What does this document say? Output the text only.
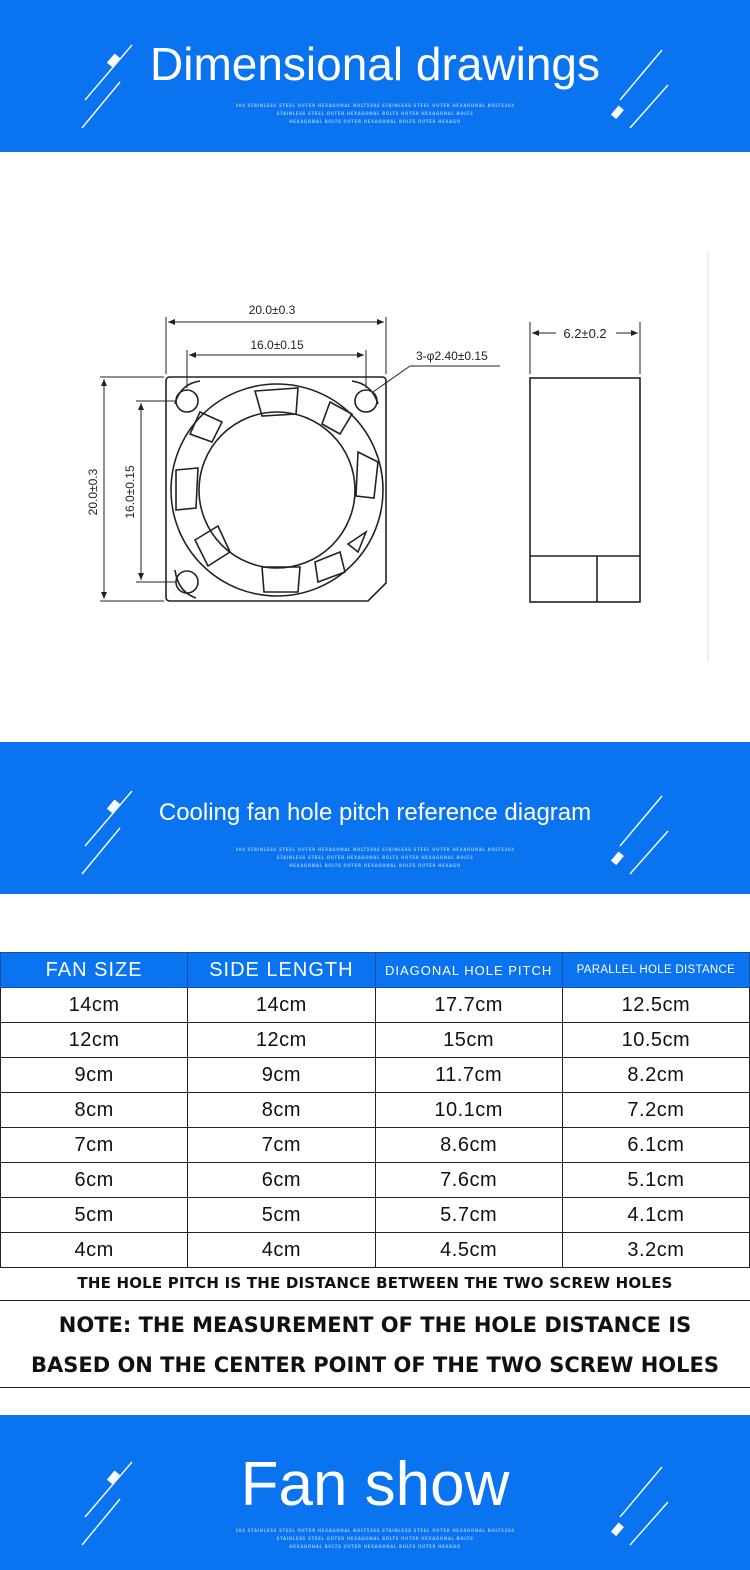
Dimensional drawings
304 STAINLESS STEEL OUTER HEXAGONAL BOLT5304 STAINLESS STEEL OUTER HEXAGONAL BOLT5304
STAINLESS STEEL OUTER HEXAGONAL BOLTS OUTER HEXAGONAL BOLTS
HEXAGONAL BOLTS OUTER HEXAGONAL BOLTS OUTER HEXAGO
20.0±0.3
16.0±0.15
3-φ2.40±0.15
20.0±0.3 16.0±0.15
6.2±0.2
Cooling fan hole pitch reference diagram
304 STAINLESS STEEL OUTER HEXAGONAL BOLT5304 STAINLESS STEEL OUTER HEXAGONAL BOLT5304
STAINLESS STEEL OUTER HEXAGONAL BOLTS OUTER HEXAGONAL BOLTS
HEXAGONAL BOLTS OUTER HEXAGONAL BOLTS OUTER HEXAGO
FAN SIZE	SIDE LENGTH	DIAGONAL HOLE PITCH	PARALLEL HOLE DISTANCE
14cm	14cm	17.7cm	12.5cm
12cm	12cm	15cm	10.5cm
9cm	9cm	11.7cm	8.2cm
8cm	8cm	10.1cm	7.2cm
7cm	7cm	8.6cm	6.1cm
6cm	6cm	7.6cm	5.1cm
5cm	5cm	5.7cm	4.1cm
4cm	4cm	4.5cm	3.2cm
THE HOLE PITCH IS THE DISTANCE BETWEEN THE TWO SCREW HOLES
NOTE: THE MEASUREMENT OF THE HOLE DISTANCE IS
BASED ON THE CENTER POINT OF THE TWO SCREW HOLES
Fan show
304 STAINLESS STEEL OUTER HEXAGONAL BOLT5304 STAINLESS STEEL OUTER HEXAGONAL BOLT5304
STAINLESS STEEL OUTER HEXAGONAL BOLTS OUTER HEXAGONAL BOLTS
HEXAGONAL BOLTS OUTER HEXAGONAL BOLTS OUTER HEXAGO
